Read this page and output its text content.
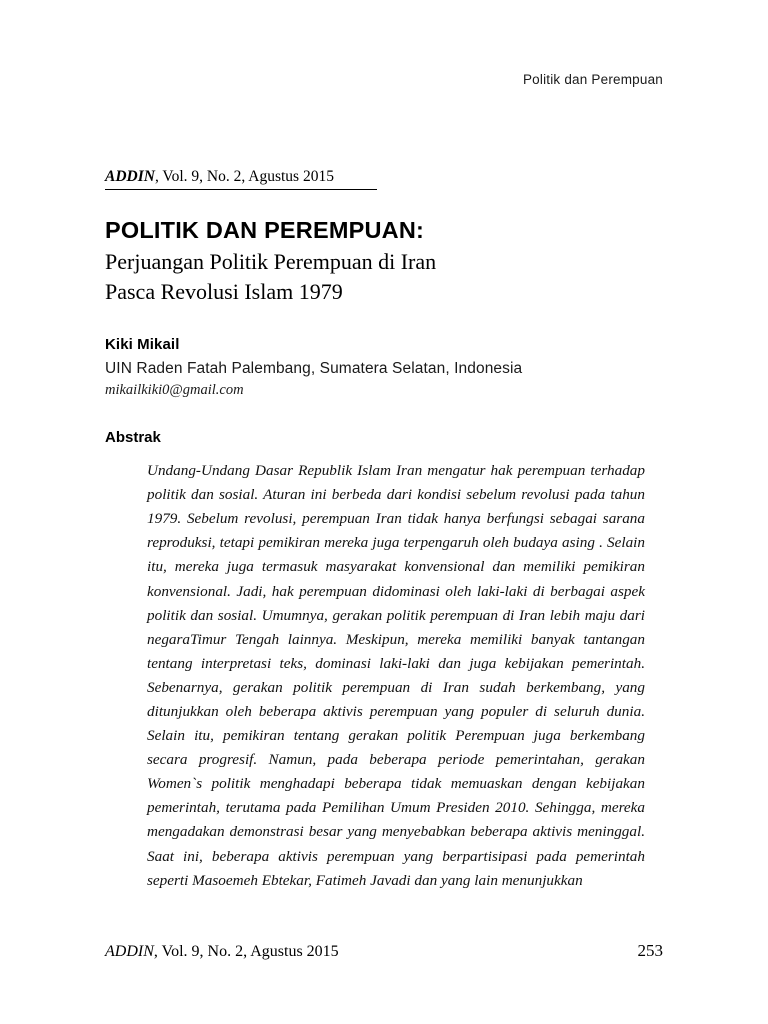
Politik dan Perempuan
ADDIN, Vol. 9, No. 2, Agustus 2015
POLITIK DAN PEREMPUAN:
Perjuangan Politik Perempuan di Iran
Pasca Revolusi Islam 1979
Kiki Mikail
UIN Raden Fatah Palembang, Sumatera Selatan, Indonesia
mikailkiki0@gmail.com
Abstrak
Undang-Undang Dasar Republik Islam Iran mengatur hak perempuan terhadap politik dan sosial. Aturan ini berbeda dari kondisi sebelum revolusi pada tahun 1979. Sebelum revolusi, perempuan Iran tidak hanya berfungsi sebagai sarana reproduksi, tetapi pemikiran mereka juga terpengaruh oleh budaya asing . Selain itu, mereka juga termasuk masyarakat konvensional dan memiliki pemikiran konvensional. Jadi, hak perempuan didominasi oleh laki-laki di berbagai aspek politik dan sosial. Umumnya, gerakan politik perempuan di Iran lebih maju dari negaraTimur Tengah lainnya. Meskipun, mereka memiliki banyak tantangan tentang interpretasi teks, dominasi laki-laki dan juga kebijakan pemerintah. Sebenarnya, gerakan politik perempuan di Iran sudah berkembang, yang ditunjukkan oleh beberapa aktivis perempuan yang populer di seluruh dunia. Selain itu, pemikiran tentang gerakan politik Perempuan juga berkembang secara progresif. Namun, pada beberapa periode pemerintahan, gerakan Women`s politik menghadapi beberapa tidak memuaskan dengan kebijakan pemerintah, terutama pada Pemilihan Umum Presiden 2010. Sehingga, mereka mengadakan demonstrasi besar yang menyebabkan beberapa aktivis meninggal. Saat ini, beberapa aktivis perempuan yang berpartisipasi pada pemerintah seperti Masoemeh Ebtekar, Fatimeh Javadi dan yang lain menunjukkan
ADDIN, Vol. 9, No. 2, Agustus 2015	253
